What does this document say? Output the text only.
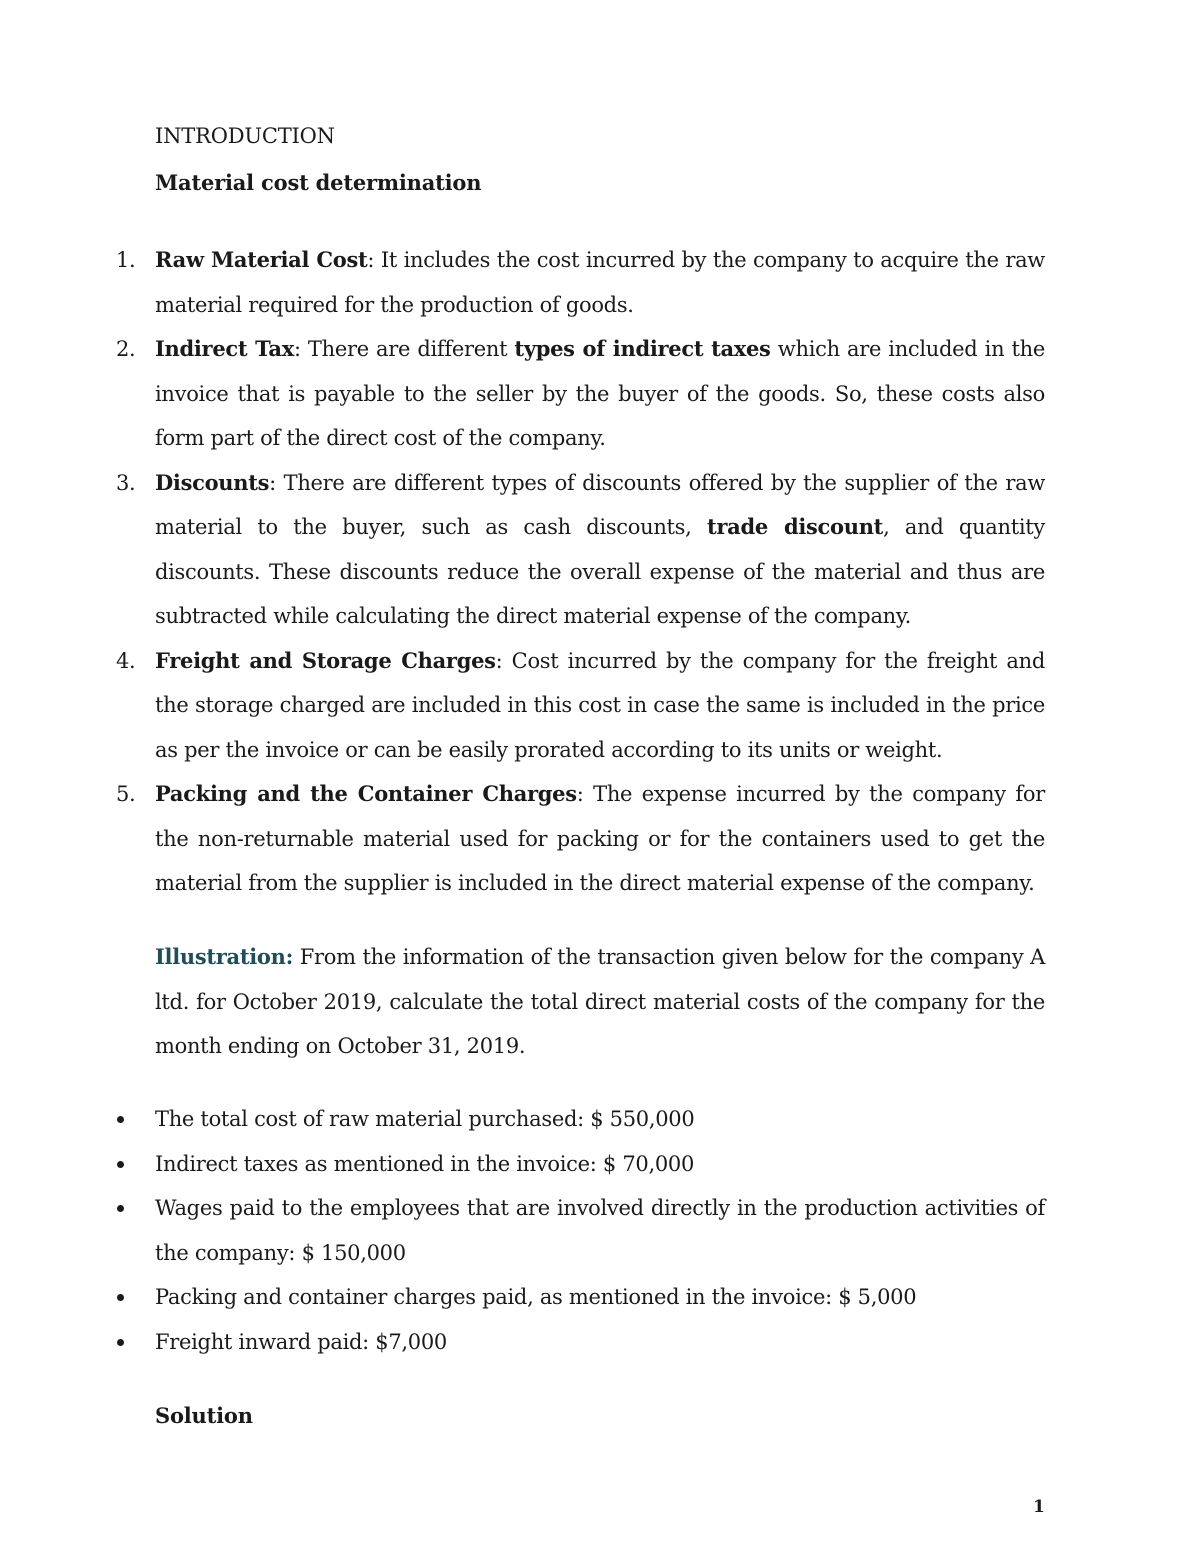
INTRODUCTION
Material cost determination
1. Raw Material Cost: It includes the cost incurred by the company to acquire the raw material required for the production of goods.
2. Indirect Tax: There are different types of indirect taxes which are included in the invoice that is payable to the seller by the buyer of the goods. So, these costs also form part of the direct cost of the company.
3. Discounts: There are different types of discounts offered by the supplier of the raw material to the buyer, such as cash discounts, trade discount, and quantity discounts. These discounts reduce the overall expense of the material and thus are subtracted while calculating the direct material expense of the company.
4. Freight and Storage Charges: Cost incurred by the company for the freight and the storage charged are included in this cost in case the same is included in the price as per the invoice or can be easily prorated according to its units or weight.
5. Packing and the Container Charges: The expense incurred by the company for the non-returnable material used for packing or for the containers used to get the material from the supplier is included in the direct material expense of the company.

Illustration: From the information of the transaction given below for the company A ltd. for October 2019, calculate the total direct material costs of the company for the month ending on October 31, 2019.

The total cost of raw material purchased: $ 550,000
Indirect taxes as mentioned in the invoice: $ 70,000
Wages paid to the employees that are involved directly in the production activities of the company: $ 150,000
Packing and container charges paid, as mentioned in the invoice: $ 5,000
Freight inward paid: $7,000
Solution
1
